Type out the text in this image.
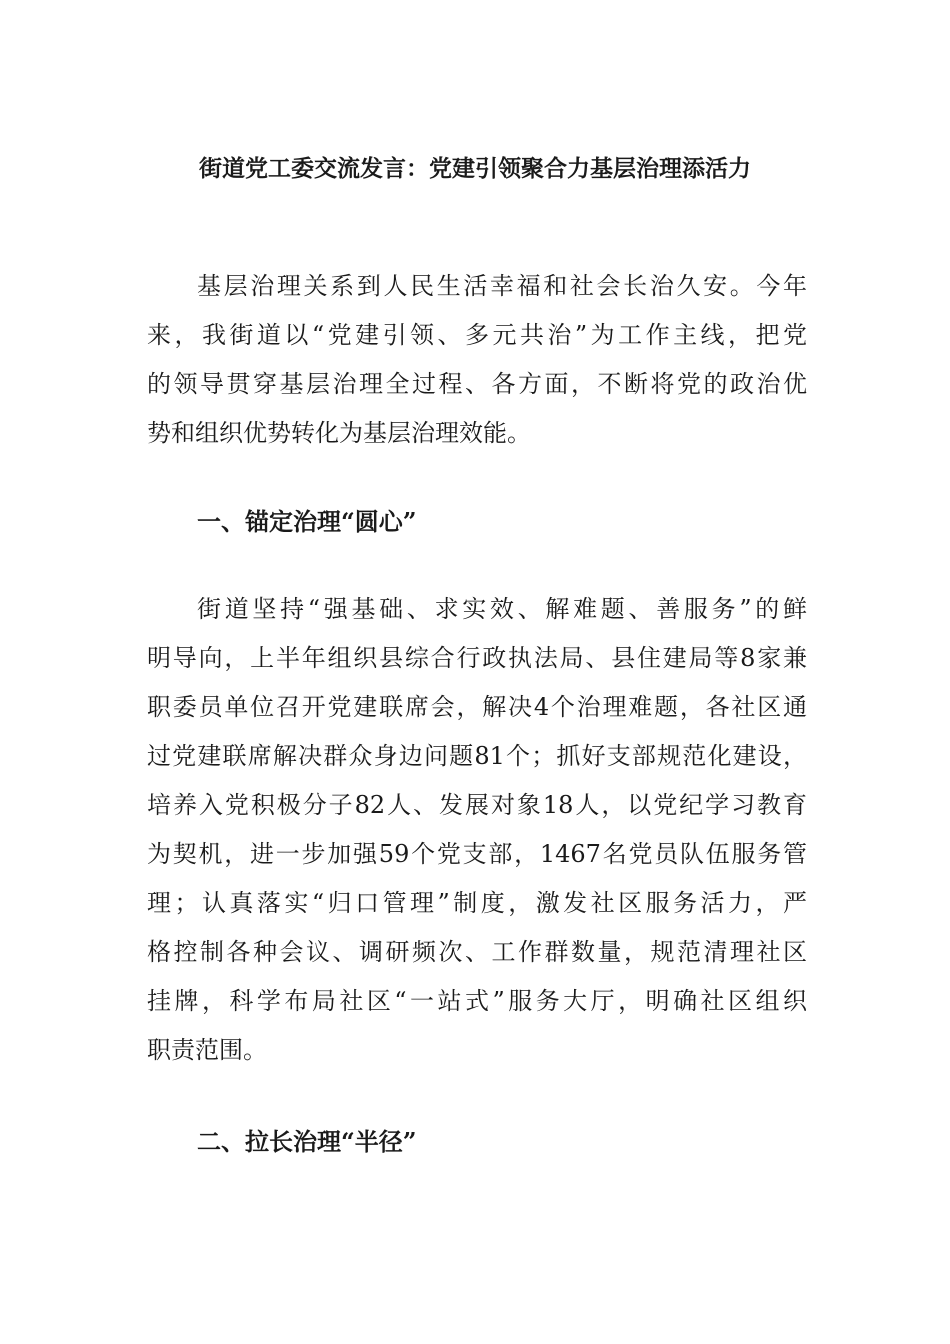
街道党工委交流发言：党建引领聚合力基层治理添活力
基层治理关系到人民生活幸福和社会长治久安。今年
来，我街道以“党建引领、多元共治”为工作主线，把党
的领导贯穿基层治理全过程、各方面，不断将党的政治优
势和组织优势转化为基层治理效能。
一、锚定治理“圆心”
街道坚持“强基础、求实效、解难题、善服务”的鲜
明导向，上半年组织县综合行政执法局、县住建局等8家兼
职委员单位召开党建联席会，解决4个治理难题，各社区通
过党建联席解决群众身边问题81个；抓好支部规范化建设，
培养入党积极分子82人、发展对象18人，以党纪学习教育
为契机，进一步加强59个党支部，1467名党员队伍服务管
理；认真落实“归口管理”制度，激发社区服务活力，严
格控制各种会议、调研频次、工作群数量，规范清理社区
挂牌，科学布局社区“一站式”服务大厅，明确社区组织
职责范围。
二、拉长治理“半径”
